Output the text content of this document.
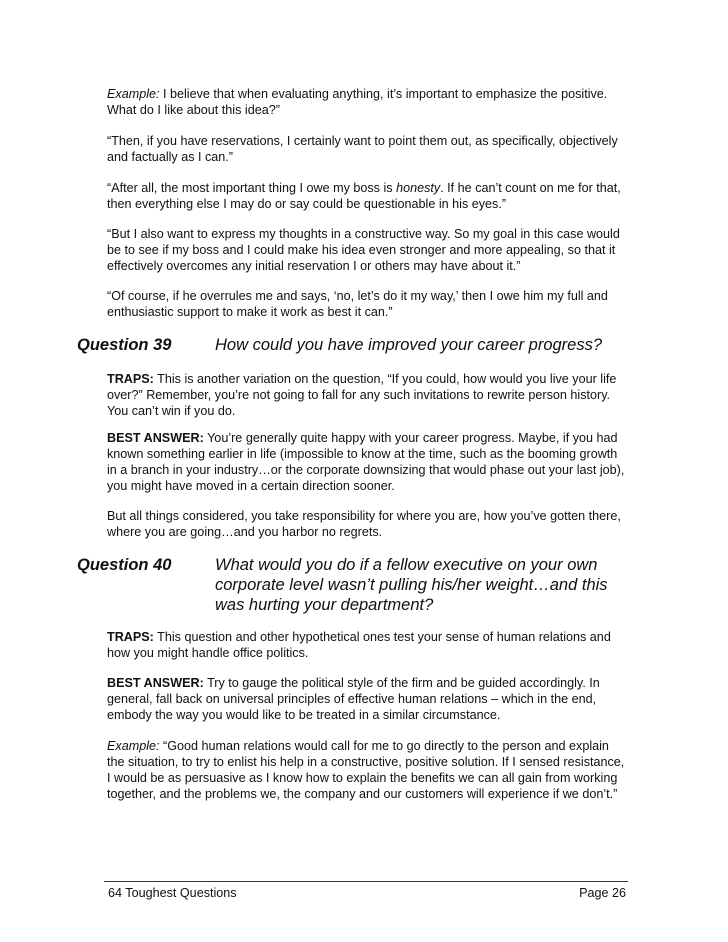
Example: I believe that when evaluating anything, it’s important to emphasize the positive. What do I like about this idea?”

“Then, if you have reservations, I certainly want to point them out, as specifically, objectively and factually as I can.”

“After all, the most important thing I owe my boss is honesty. If he can’t count on me for that, then everything else I may do or say could be questionable in his eyes.”

“But I also want to express my thoughts in a constructive way. So my goal in this case would be to see if my boss and I could make his idea even stronger and more appealing, so that it effectively overcomes any initial reservation I or others may have about it.”

“Of course, if he overrules me and says, ‘no, let’s do it my way,’ then I owe him my full and enthusiastic support to make it work as best it can.”

Question 39	How could you have improved your career progress?

TRAPS: This is another variation on the question, “If you could, how would you live your life over?” Remember, you’re not going to fall for any such invitations to rewrite person history. You can’t win if you do.

BEST ANSWER: You’re generally quite happy with your career progress. Maybe, if you had known something earlier in life (impossible to know at the time, such as the booming growth in a branch in your industry…or the corporate downsizing that would phase out your last job), you might have moved in a certain direction sooner.

But all things considered, you take responsibility for where you are, how you’ve gotten there, where you are going…and you harbor no regrets.

Question 40	What would you do if a fellow executive on your own corporate level wasn’t pulling his/her weight…and this was hurting your department?

TRAPS: This question and other hypothetical ones test your sense of human relations and how you might handle office politics.

BEST ANSWER: Try to gauge the political style of the firm and be guided accordingly. In general, fall back on universal principles of effective human relations – which in the end, embody the way you would like to be treated in a similar circumstance.

Example: “Good human relations would call for me to go directly to the person and explain the situation, to try to enlist his help in a constructive, positive solution. If I sensed resistance, I would be as persuasive as I know how to explain the benefits we can all gain from working together, and the problems we, the company and our customers will experience if we don’t.”

64 Toughest Questions	Page 26
